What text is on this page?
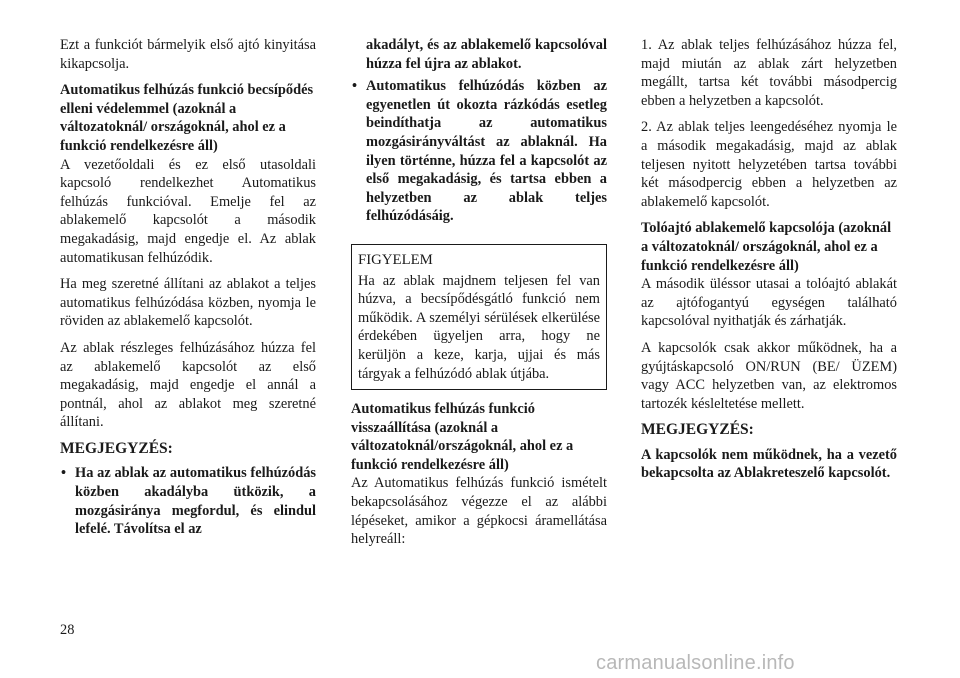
Ezt a funkciót bármelyik első ajtó kinyitása kikapcsolja.

Automatikus felhúzás funkció becsípődés elleni védelemmel (azoknál a változatoknál/ országoknál, ahol ez a funkció rendelkezésre áll)

A vezetőoldali és ez első utasoldali kapcsoló rendelkezhet Automatikus felhúzás funkcióval. Emelje fel az ablakemelő kapcsolót a második megakadásig, majd engedje el. Az ablak automatikusan felhúzódik.

Ha meg szeretné állítani az ablakot a teljes automatikus felhúzódása közben, nyomja le röviden az ablakemelő kapcsolót.

Az ablak részleges felhúzásához húzza fel az ablakemelő kapcsolót az első megakadásig, majd engedje el annál a pontnál, ahol az ablakot meg szeretné állítani.

MEGJEGYZÉS:

• Ha az ablak az automatikus felhúzódás közben akadályba ütközik, a mozgásiránya megfordul, és elindul lefelé. Távolítsa el az

akadályt, és az ablakemelő kapcsolóval húzza fel újra az ablakot.

• Automatikus felhúzódás közben az egyenetlen út okozta rázkódás esetleg beindíthatja az automatikus mozgásirányváltást az ablaknál. Ha ilyen történne, húzza fel a kapcsolót az első megakadásig, és tartsa ebben a helyzetben az ablak teljes felhúzódásáig.

FIGYELEM

Ha az ablak majdnem teljesen fel van húzva, a becsípődésgátló funkció nem működik. A személyi sérülések elkerülése érdekében ügyeljen arra, hogy ne kerüljön a keze, karja, ujjai és más tárgyak a felhúzódó ablak útjába.

Automatikus felhúzás funkció visszaállítása (azoknál a változatoknál/országoknál, ahol ez a funkció rendelkezésre áll)

Az Automatikus felhúzás funkció ismételt bekapcsolásához végezze el az alábbi lépéseket, amikor a gépkocsi áramellátása helyreáll:

1. Az ablak teljes felhúzásához húzza fel, majd miután az ablak zárt helyzetben megállt, tartsa két további másodpercig ebben a helyzetben a kapcsolót.

2. Az ablak teljes leengedéséhez nyomja le a második megakadásig, majd az ablak teljesen nyitott helyzetében tartsa további két másodpercig ebben a helyzetben az ablakemelő kapcsolót.

Tolóajtó ablakemelő kapcsolója (azoknál a változatoknál/ országoknál, ahol ez a funkció rendelkezésre áll)

A második üléssor utasai a tolóajtó ablakát az ajtófogantyú egységen található kapcsolóval nyithatják és zárhatják.

A kapcsolók csak akkor működnek, ha a gyújtáskapcsoló ON/RUN (BE/ ÜZEM) vagy ACC helyzetben van, az elektromos tartozék késleltetése mellett.

MEGJEGYZÉS:

A kapcsolók nem működnek, ha a vezető bekapcsolta az Ablakreteszelő kapcsolót.

28
carmanualsonline.info
